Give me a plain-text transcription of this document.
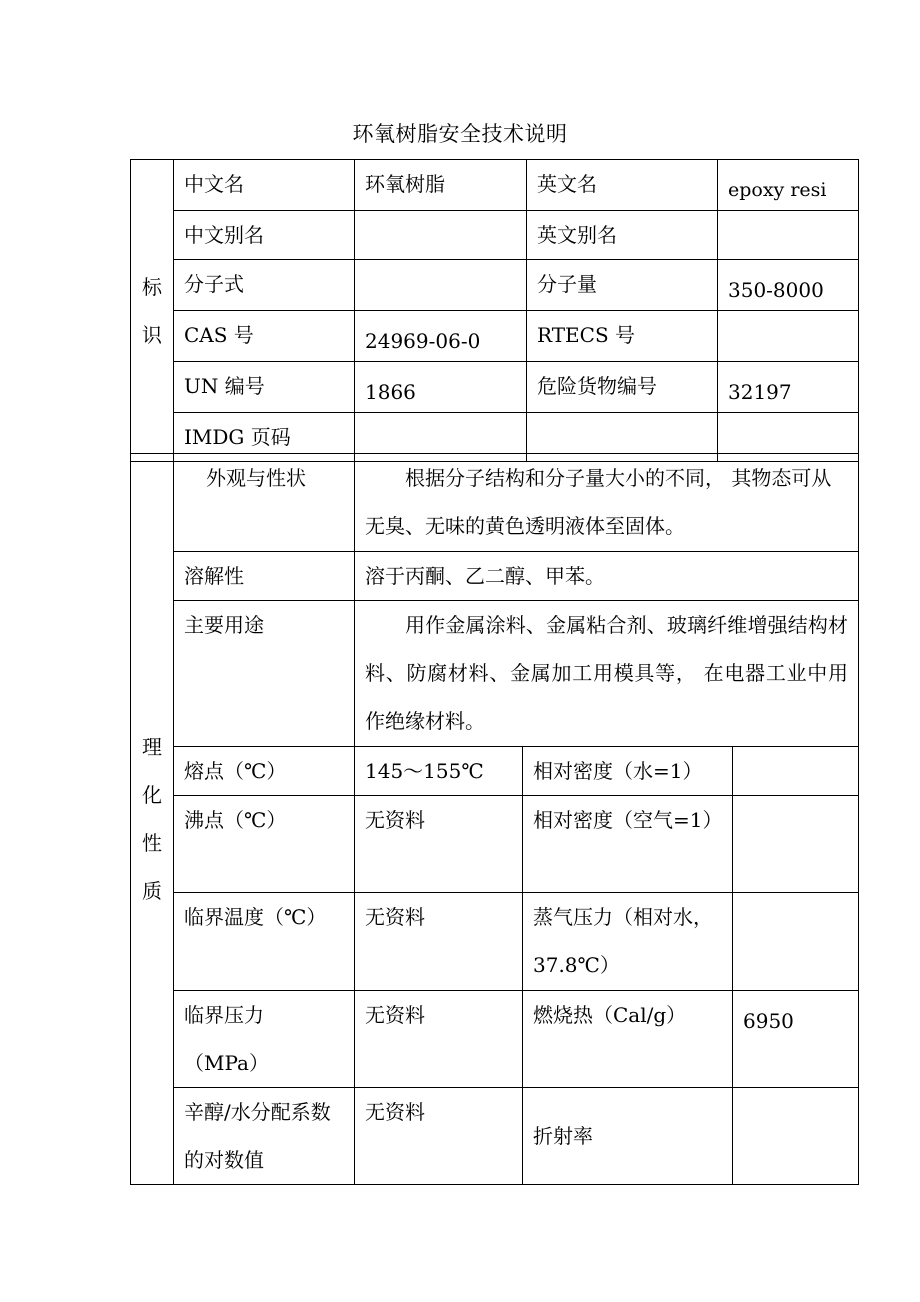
环氧树脂安全技术说明
标识	中文名	环氧树脂	英文名	epoxy resi
	中文别名		英文别名	
	分子式		分子量	350-8000
	CAS 号	24969-06-0	RTECS 号	
	UN 编号	1866	危险货物编号	32197
	IMDG 页码			
理化性质	外观与性状	根据分子结构和分子量大小的不同， 其物态可从无臭、无味的黄色透明液体至固体。		
	溶解性	溶于丙酮、乙二醇、甲苯。		
	主要用途	用作金属涂料、金属粘合剂、玻璃纤维增强结构材料、防腐材料、金属加工用模具等， 在电器工业中用作绝缘材料。		
	熔点（℃）	145～155℃	相对密度（水=1）	
	沸点（℃）	无资料	相对密度（空气=1）	
	临界温度（℃）	无资料	蒸气压力（相对水，37.8℃）	
	临界压力（MPa）	无资料	燃烧热（Cal/g）	6950
	辛醇/水分配系数的对数值	无资料	折射率	
